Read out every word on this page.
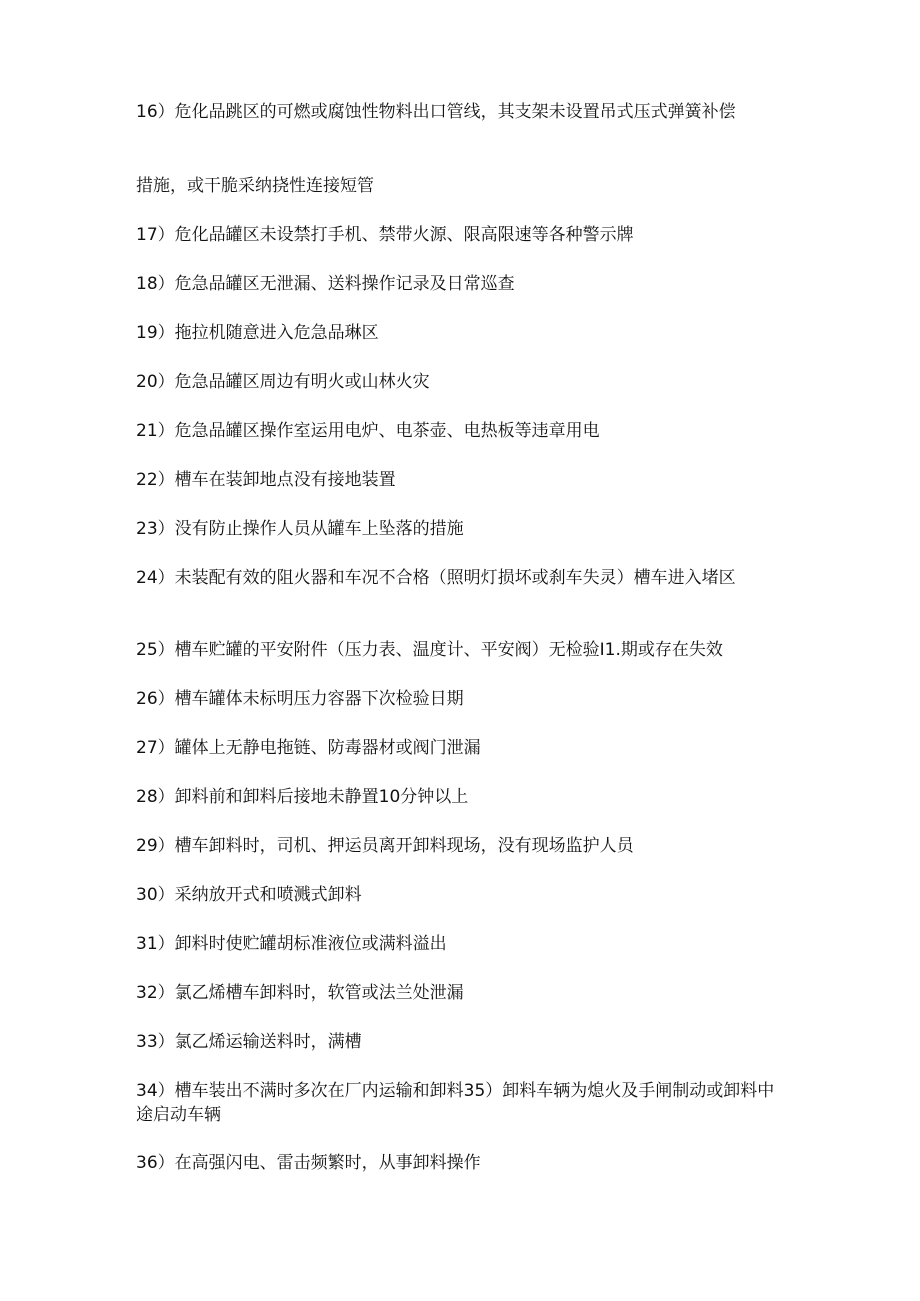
16）危化品跳区的可燃或腐蚀性物料出口管线，其支架未设置吊式压式弹簧补偿

措施，或干脆采纳挠性连接短管

17）危化品罐区未设禁打手机、禁带火源、限高限速等各种警示牌

18）危急品罐区无泄漏、送料操作记录及日常巡查

19）拖拉机随意进入危急品琳区

20）危急品罐区周边有明火或山林火灾

21）危急品罐区操作室运用电炉、电茶壶、电热板等违章用电

22）槽车在装卸地点没有接地装置

23）没有防止操作人员从罐车上坠落的措施

24）未装配有效的阻火器和车况不合格（照明灯损坏或刹车失灵）槽车进入堵区

25）槽车贮罐的平安附件（压力表、温度计、平安阀）无检验I1.期或存在失效

26）槽车罐体未标明压力容器下次检验日期

27）罐体上无静电拖链、防毒器材或阀门泄漏

28）卸料前和卸料后接地未静置10分钟以上

29）槽车卸料时，司机、押运员离开卸料现场，没有现场监护人员

30）采纳放开式和喷溅式卸料

31）卸料时使贮罐胡标准液位或满料溢出

32）氯乙烯槽车卸料时，软管或法兰处泄漏

33）氯乙烯运输送料时，满槽

34）槽车装出不满时多次在厂内运输和卸料35）卸料车辆为熄火及手闸制动或卸料中途启动车辆

36）在高强闪电、雷击频繁时，从事卸料操作
